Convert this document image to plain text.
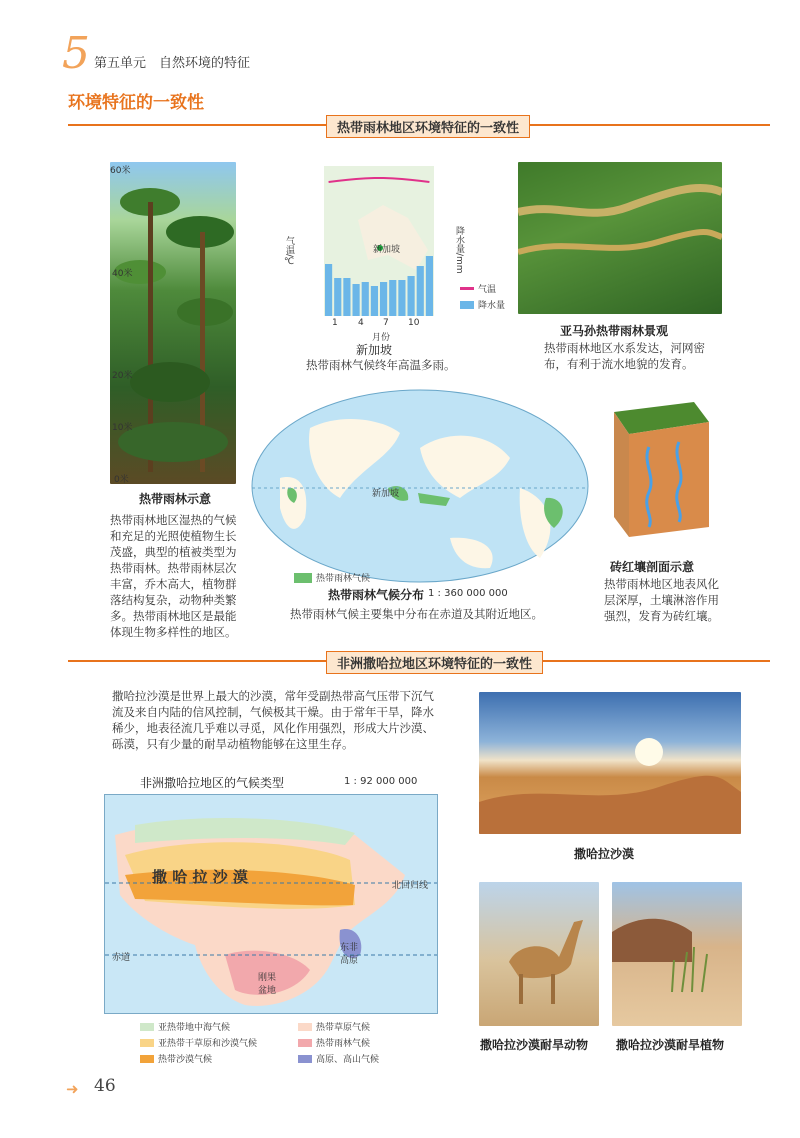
5 第五单元　自然环境的特征
环境特征的一致性
热带雨林地区环境特征的一致性
60米
40米
20米
10米
0米
热带雨林示意
热带雨林地区湿热的气候和充足的光照使植物生长茂盛，典型的植被类型为热带雨林。热带雨林层次丰富，乔木高大，植物群落结构复杂，动物种类繁多。热带雨林地区是最能体现生物多样性的地区。
新加坡
气温/℃	降水量/mm
月份
1 4 7 10
气温
降水量
新加坡
热带雨林气候终年高温多雨。
亚马孙热带雨林景观
热带雨林地区水系发达，河网密布，有利于流水地貌的发育。
新加坡
热带雨林气候
热带雨林气候分布 1 : 360 000 000
热带雨林气候主要集中分布在赤道及其附近地区。
砖红壤剖面示意
热带雨林地区地表风化层深厚，土壤淋溶作用强烈，发育为砖红壤。
非洲撒哈拉地区环境特征的一致性
撒哈拉沙漠是世界上最大的沙漠，常年受副热带高气压带下沉气流及来自内陆的信风控制，气候极其干燥。由于常年干旱，降水稀少，地表径流几乎难以寻觅，风化作用强烈，形成大片沙漠、砾漠，只有少量的耐旱动植物能够在这里生存。
非洲撒哈拉地区的气候类型	1 : 92 000 000
撒 哈 拉 沙 漠	北回归线
赤道
刚果盆地
东非高原
亚热带地中海气候	热带草原气候
亚热带干草原和沙漠气候	热带雨林气候
热带沙漠气候	高原、高山气候
撒哈拉沙漠
撒哈拉沙漠耐旱动物 撒哈拉沙漠耐旱植物
➜ 46
